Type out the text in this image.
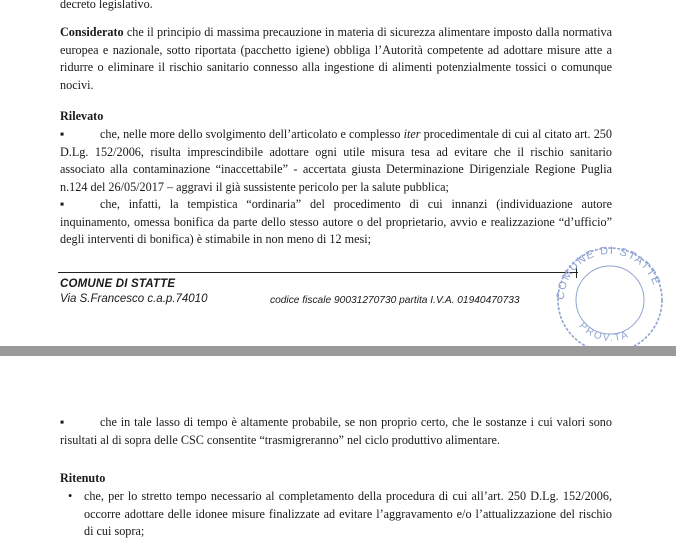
decreto legislativo.

Considerato che il principio di massima precauzione in materia di sicurezza alimentare imposto dalla normativa europea e nazionale, sotto riportata (pacchetto igiene) obbliga l’Autorità competente ad adottare misure atte a ridurre o eliminare il rischio sanitario connesso alla ingestione di alimenti potenzialmente tossici o comunque nocivi.

Rilevato
▪	che, nelle more dello svolgimento dell’articolato e complesso iter procedimentale di cui al citato art. 250 D.Lg. 152/2006, risulta imprescindibile adottare ogni utile misura tesa ad evitare che il rischio sanitario associato alla contaminazione “inaccettabile” - accertata giusta Determinazione Dirigenziale Regione Puglia n.124 del 26/05/2017 – aggravi il già sussistente pericolo per la salute pubblica;
▪	che, infatti, la tempistica “ordinaria” del procedimento di cui innanzi (individuazione autore inquinamento, omessa bonifica da parte dello stesso autore o del proprietario, avvio e realizzazione “d’ufficio” degli interventi di bonifica) è stimabile in non meno di 12 mesi;
COMUNE DI STATTE
Via S.Francesco c.a.p.74010	codice fiscale 90031270730 partita I.V.A. 01940470733	COMUNE DI STATTE
PROV.TA
▪	che in tale lasso di tempo è altamente probabile, se non proprio certo, che le sostanze i cui valori sono risultati al di sopra delle CSC consentite “trasmigreranno” nel ciclo produttivo alimentare.
Ritenuto
• che, per lo stretto tempo necessario al completamento della procedura di cui all’art. 250 D.Lg. 152/2006, occorre adottare delle idonee misure finalizzate ad evitare l’aggravamento e/o l’attualizzazione del rischio di cui sopra;
